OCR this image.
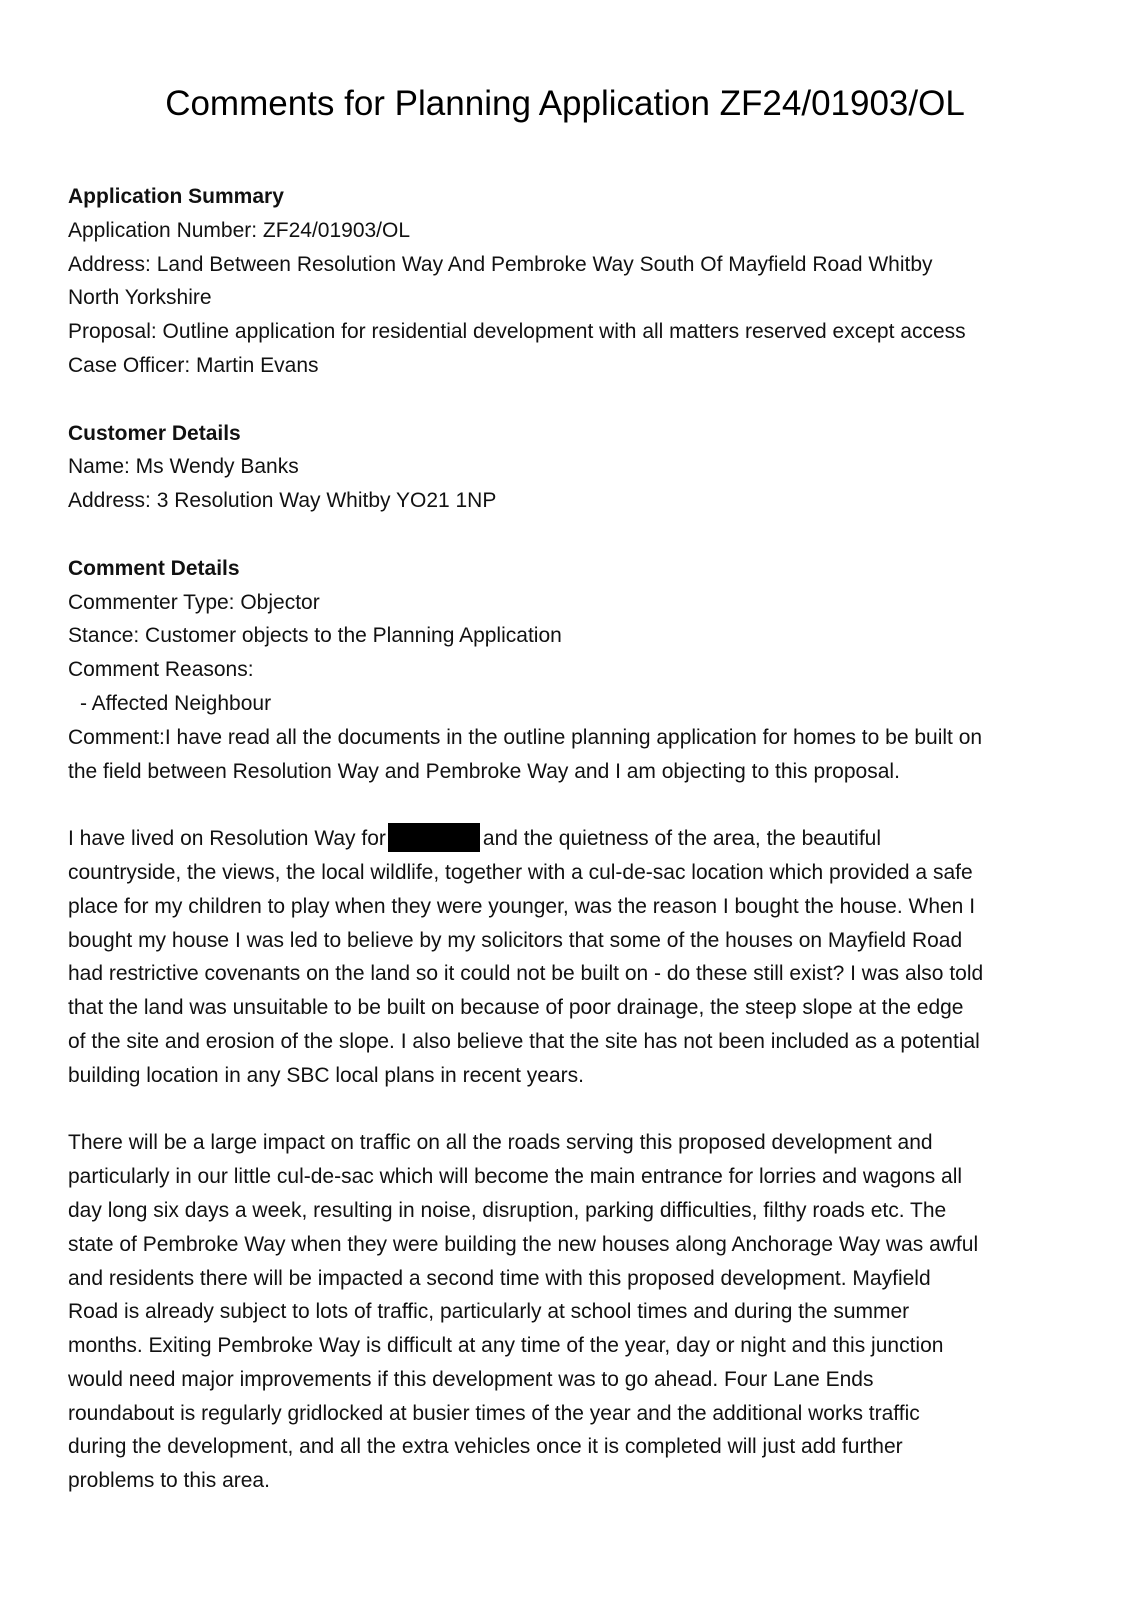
Comments for Planning Application ZF24/01903/OL
Application Summary
Application Number: ZF24/01903/OL
Address: Land Between Resolution Way And Pembroke Way South Of Mayfield Road Whitby
North Yorkshire
Proposal: Outline application for residential development with all matters reserved except access
Case Officer: Martin Evans
Customer Details
Name: Ms Wendy Banks
Address: 3 Resolution Way Whitby YO21 1NP
Comment Details
Commenter Type: Objector
Stance: Customer objects to the Planning Application
Comment Reasons:
- Affected Neighbour
Comment:I have read all the documents in the outline planning application for homes to be built on
the field between Resolution Way and Pembroke Way and I am objecting to this proposal.
I have lived on Resolution Way for	and the quietness of the area, the beautiful
countryside, the views, the local wildlife, together with a cul-de-sac location which provided a safe
place for my children to play when they were younger, was the reason I bought the house. When I
bought my house I was led to believe by my solicitors that some of the houses on Mayfield Road
had restrictive covenants on the land so it could not be built on - do these still exist? I was also told
that the land was unsuitable to be built on because of poor drainage, the steep slope at the edge
of the site and erosion of the slope. I also believe that the site has not been included as a potential
building location in any SBC local plans in recent years.
There will be a large impact on traffic on all the roads serving this proposed development and
particularly in our little cul-de-sac which will become the main entrance for lorries and wagons all
day long six days a week, resulting in noise, disruption, parking difficulties, filthy roads etc. The
state of Pembroke Way when they were building the new houses along Anchorage Way was awful
and residents there will be impacted a second time with this proposed development. Mayfield
Road is already subject to lots of traffic, particularly at school times and during the summer
months. Exiting Pembroke Way is difficult at any time of the year, day or night and this junction
would need major improvements if this development was to go ahead. Four Lane Ends
roundabout is regularly gridlocked at busier times of the year and the additional works traffic
during the development, and all the extra vehicles once it is completed will just add further
problems to this area.
